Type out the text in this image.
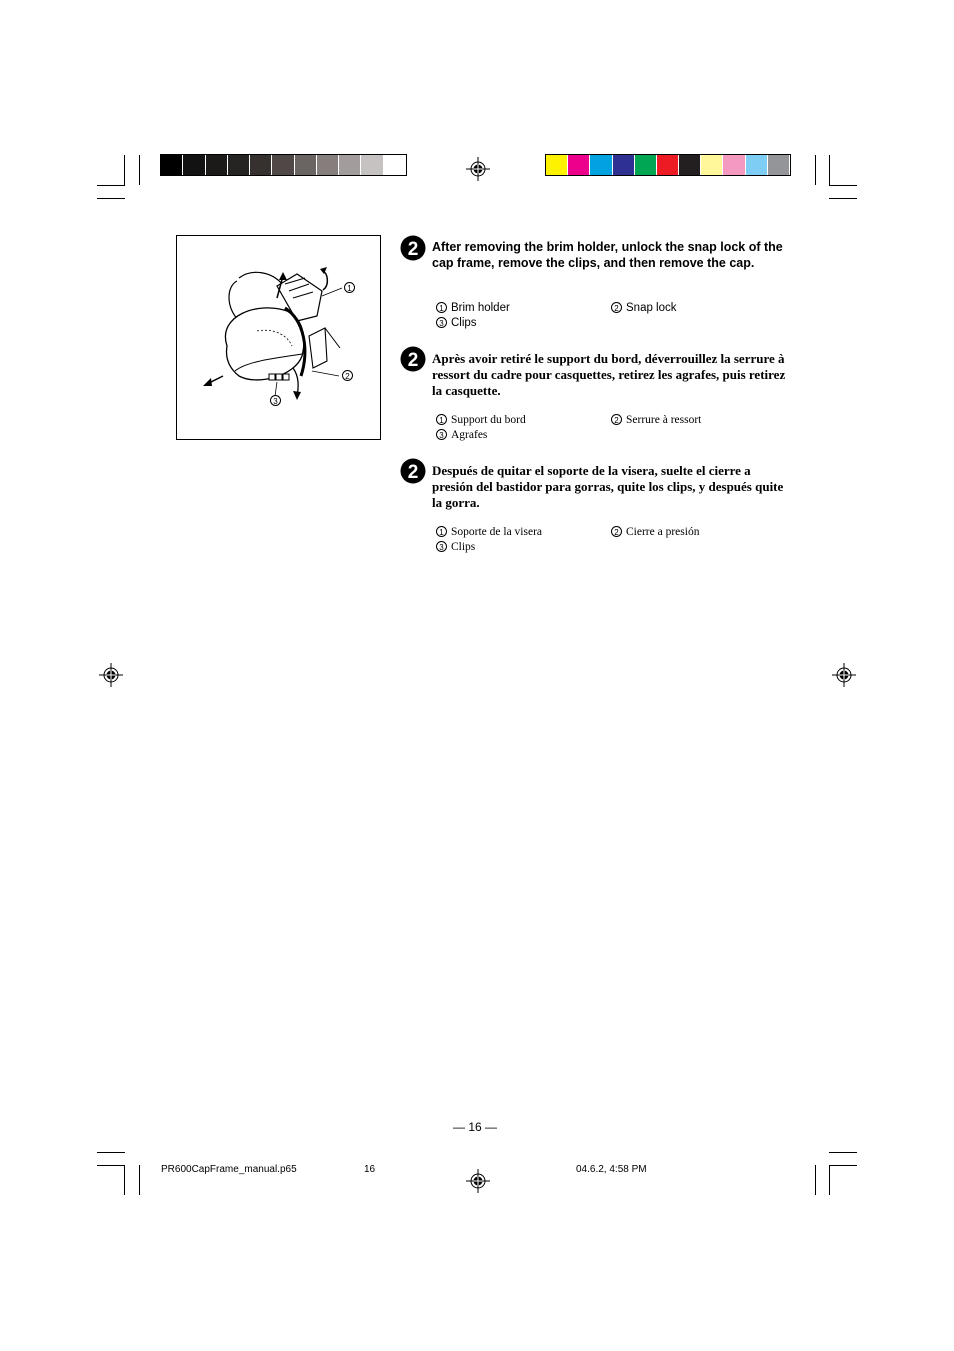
1
2
3
2 After removing the brim holder, unlock the snap lock of the cap frame, remove the clips, and then remove the cap.
1 Brim holder	2 Snap lock
3 Clips
2 Après avoir retiré le support du bord, déverrouillez la serrure à ressort du cadre pour casquettes, retirez les agrafes, puis retirez la casquette.
1 Support du bord	2 Serrure à ressort
3 Agrafes
2 Después de quitar el soporte de la visera, suelte el cierre a presión del bastidor para gorras, quite los clips, y después quite la gorra.
1 Soporte de la visera	2 Cierre a presión
3 Clips
— 16 —
PR600CapFrame_manual.p65	16	04.6.2, 4:58 PM
